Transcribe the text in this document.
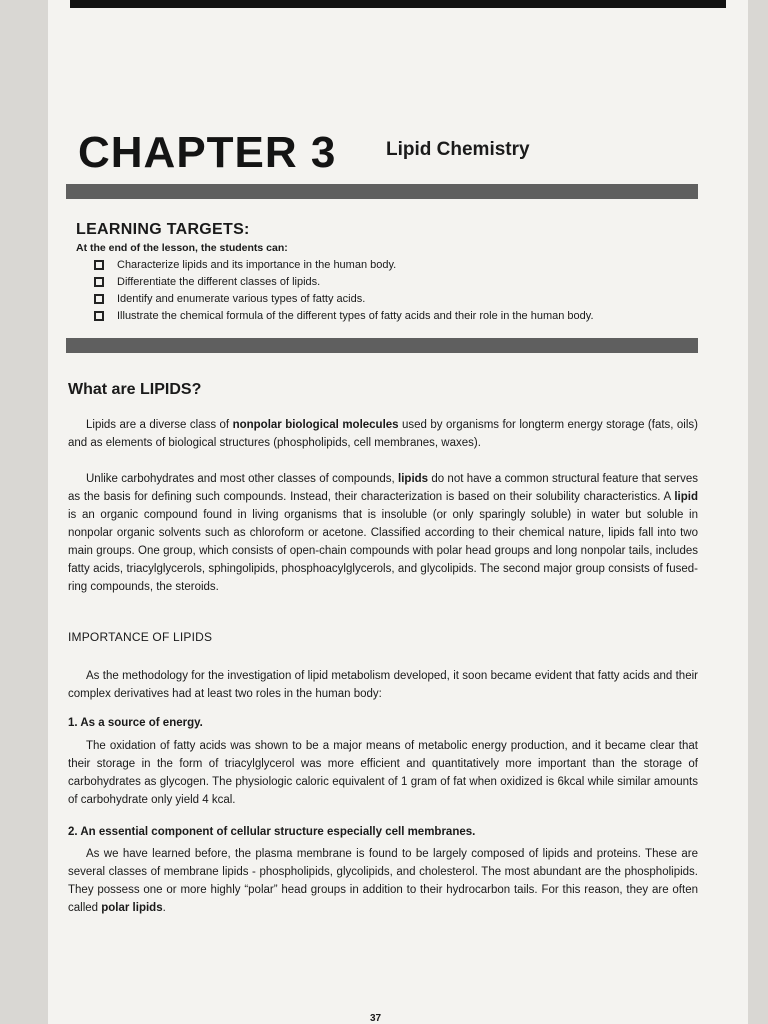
CHAPTER 3	Lipid Chemistry
LEARNING TARGETS:
At the end of the lesson, the students can:
Characterize lipids and its importance in the human body.
Differentiate the different classes of lipids.
Identify and enumerate various types of fatty acids.
Illustrate the chemical formula of the different types of fatty acids and their role in the human body.
What are LIPIDS?

Lipids are a diverse class of nonpolar biological molecules used by organisms for longterm energy storage (fats, oils) and as elements of biological structures (phospholipids, cell membranes, waxes).

Unlike carbohydrates and most other classes of compounds, lipids do not have a common structural feature that serves as the basis for defining such compounds. Instead, their characterization is based on their solubility characteristics. A lipid is an organic compound found in living organisms that is insoluble (or only sparingly soluble) in water but soluble in nonpolar organic solvents such as chloroform or acetone. Classified according to their chemical nature, lipids fall into two main groups. One group, which consists of open-chain compounds with polar head groups and long nonpolar tails, includes fatty acids, triacylglycerols, sphingolipids, phosphoacylglycerols, and glycolipids. The second major group consists of fused-ring compounds, the steroids.

IMPORTANCE OF LIPIDS

As the methodology for the investigation of lipid metabolism developed, it soon became evident that fatty acids and their complex derivatives had at least two roles in the human body:

1. As a source of energy.

The oxidation of fatty acids was shown to be a major means of metabolic energy production, and it became clear that their storage in the form of triacylglycerol was more efficient and quantitatively more important than the storage of carbohydrates as glycogen. The physiologic caloric equivalent of 1 gram of fat when oxidized is 6kcal while similar amounts of carbohydrate only yield 4 kcal.

2. An essential component of cellular structure especially cell membranes.

As we have learned before, the plasma membrane is found to be largely composed of lipids and proteins. These are several classes of membrane lipids - phospholipids, glycolipids, and cholesterol. The most abundant are the phospholipids. They possess one or more highly “polar” head groups in addition to their hydrocarbon tails. For this reason, they are often called polar lipids.

37
